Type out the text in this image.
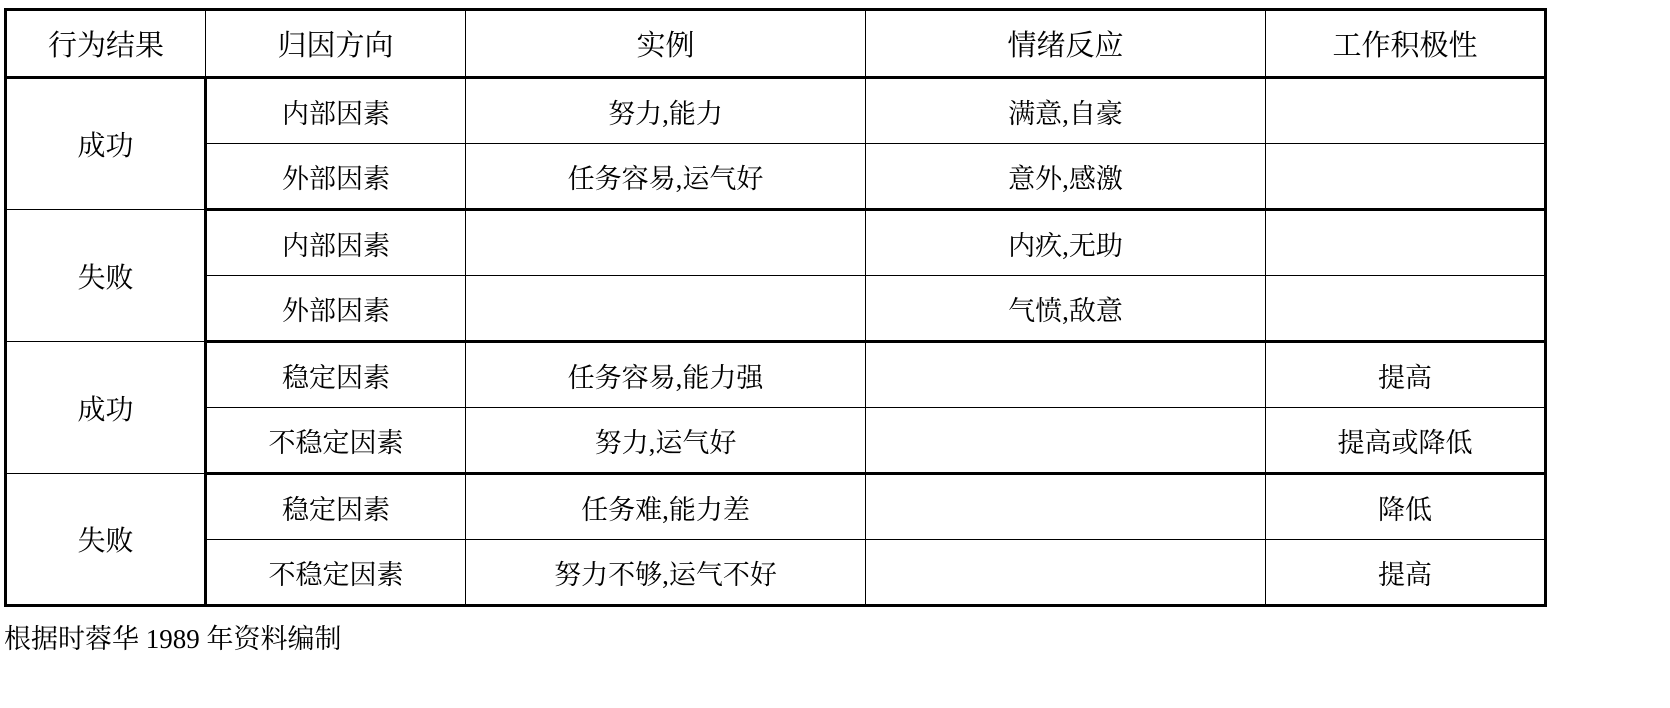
行为结果	归因方向	实例	情绪反应	工作积极性
成功	内部因素	努力,能力	满意,自豪	
	外部因素	任务容易,运气好	意外,感激	
失败	内部因素		内疚,无助	
	外部因素		气愤,敌意	
成功	稳定因素	任务容易,能力强		提高
	不稳定因素	努力,运气好		提高或降低
失败	稳定因素	任务难,能力差		降低
	不稳定因素	努力不够,运气不好		提高
根据时蓉华 1989 年资料编制
